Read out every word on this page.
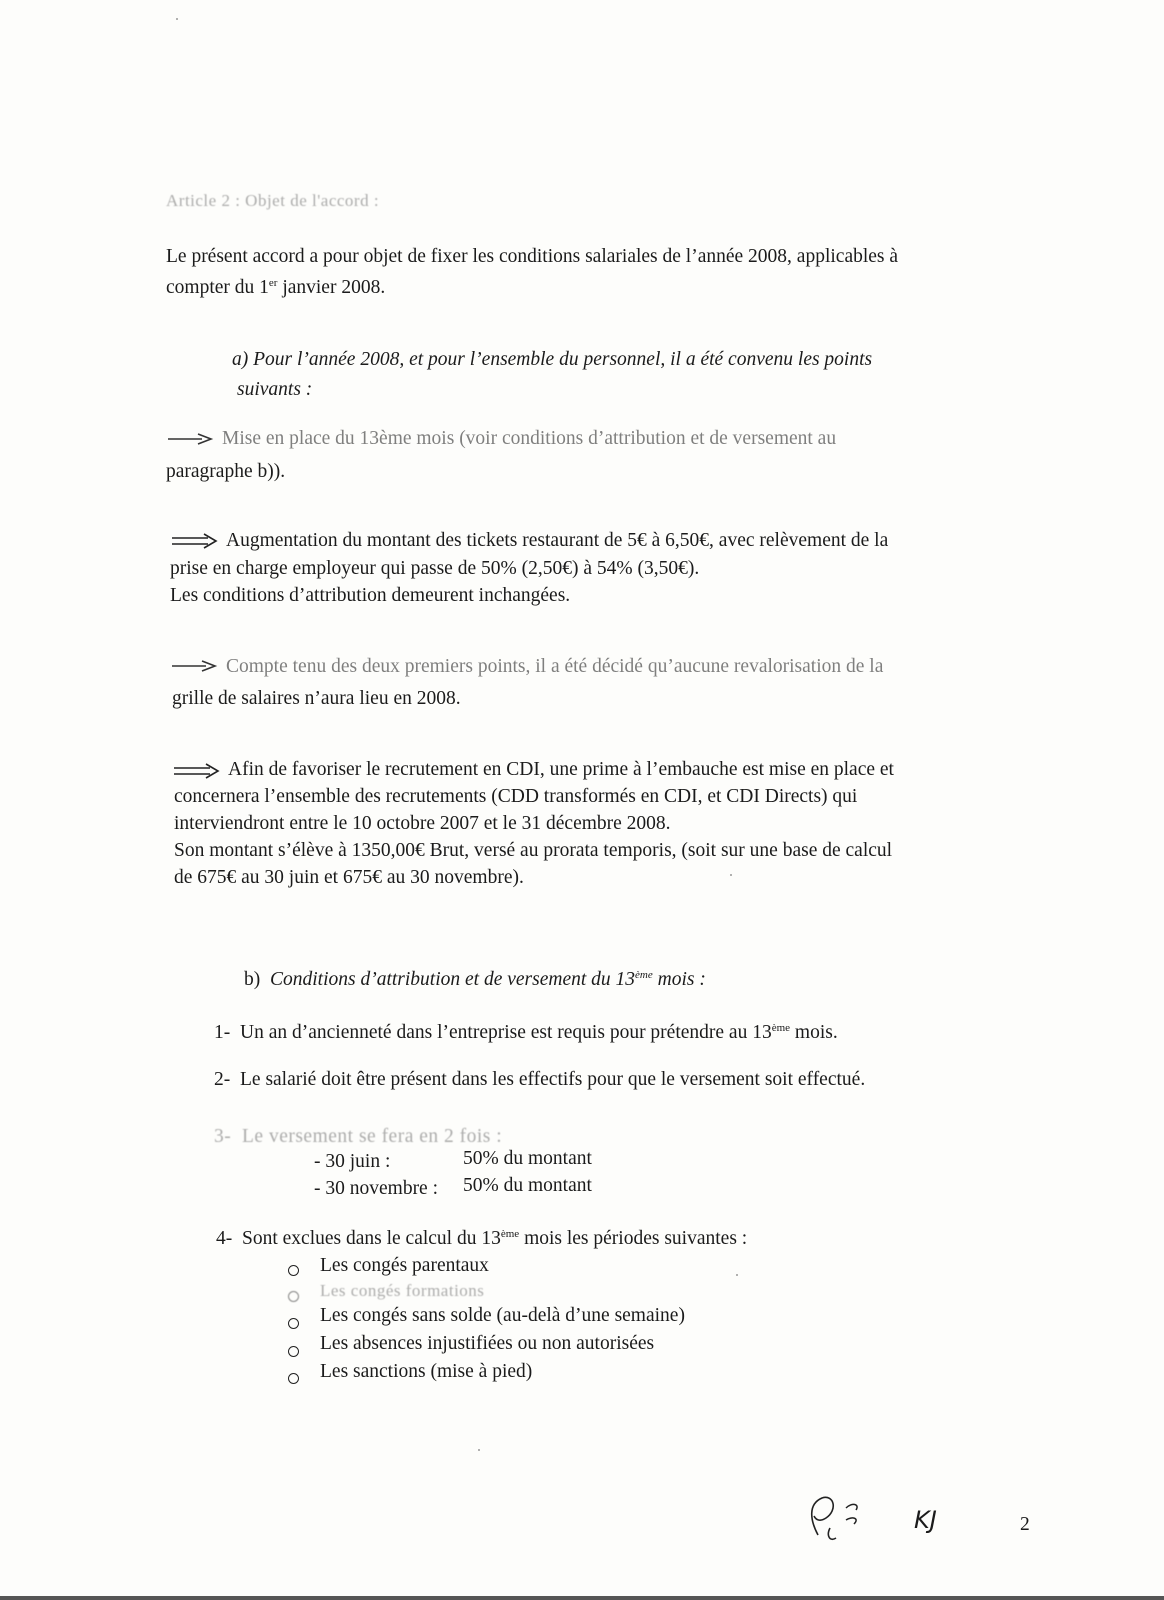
Article 2 : Objet de l'accord :
Le présent accord a pour objet de fixer les conditions salariales de l’année 2008, applicables à
compter du 1er janvier 2008.
a) Pour l’année 2008, et pour l’ensemble du personnel, il a été convenu les points
suivants :
Mise en place du 13ème mois (voir conditions d’attribution et de versement au
paragraphe b)).
Augmentation du montant des tickets restaurant de 5€ à 6,50€, avec relèvement de la
prise en charge employeur qui passe de 50% (2,50€) à 54% (3,50€).
Les conditions d’attribution demeurent inchangées.
Compte tenu des deux premiers points, il a été décidé qu’aucune revalorisation de la
grille de salaires n’aura lieu en 2008.
Afin de favoriser le recrutement en CDI, une prime à l’embauche est mise en place et
concernera l’ensemble des recrutements (CDD transformés en CDI, et CDI Directs) qui
interviendront entre le 10 octobre 2007 et le 31 décembre 2008.
Son montant s’élève à 1350,00€ Brut, versé au prorata temporis, (soit sur une base de calcul
de 675€ au 30 juin et 675€ au 30 novembre).
b) Conditions d’attribution et de versement du 13ème mois :
1- Un an d’ancienneté dans l’entreprise est requis pour prétendre au 13ème mois.
2- Le salarié doit être présent dans les effectifs pour que le versement soit effectué.
3- Le versement se fera en 2 fois :
- 30 juin :	50% du montant
- 30 novembre : 50% du montant
4- Sont exclues dans le calcul du 13ème mois les périodes suivantes :
Les congés parentaux
Les congés formations
Les congés sans solde (au-delà d’une semaine)
Les absences injustifiées ou non autorisées
Les sanctions (mise à pied)
KJ	2
